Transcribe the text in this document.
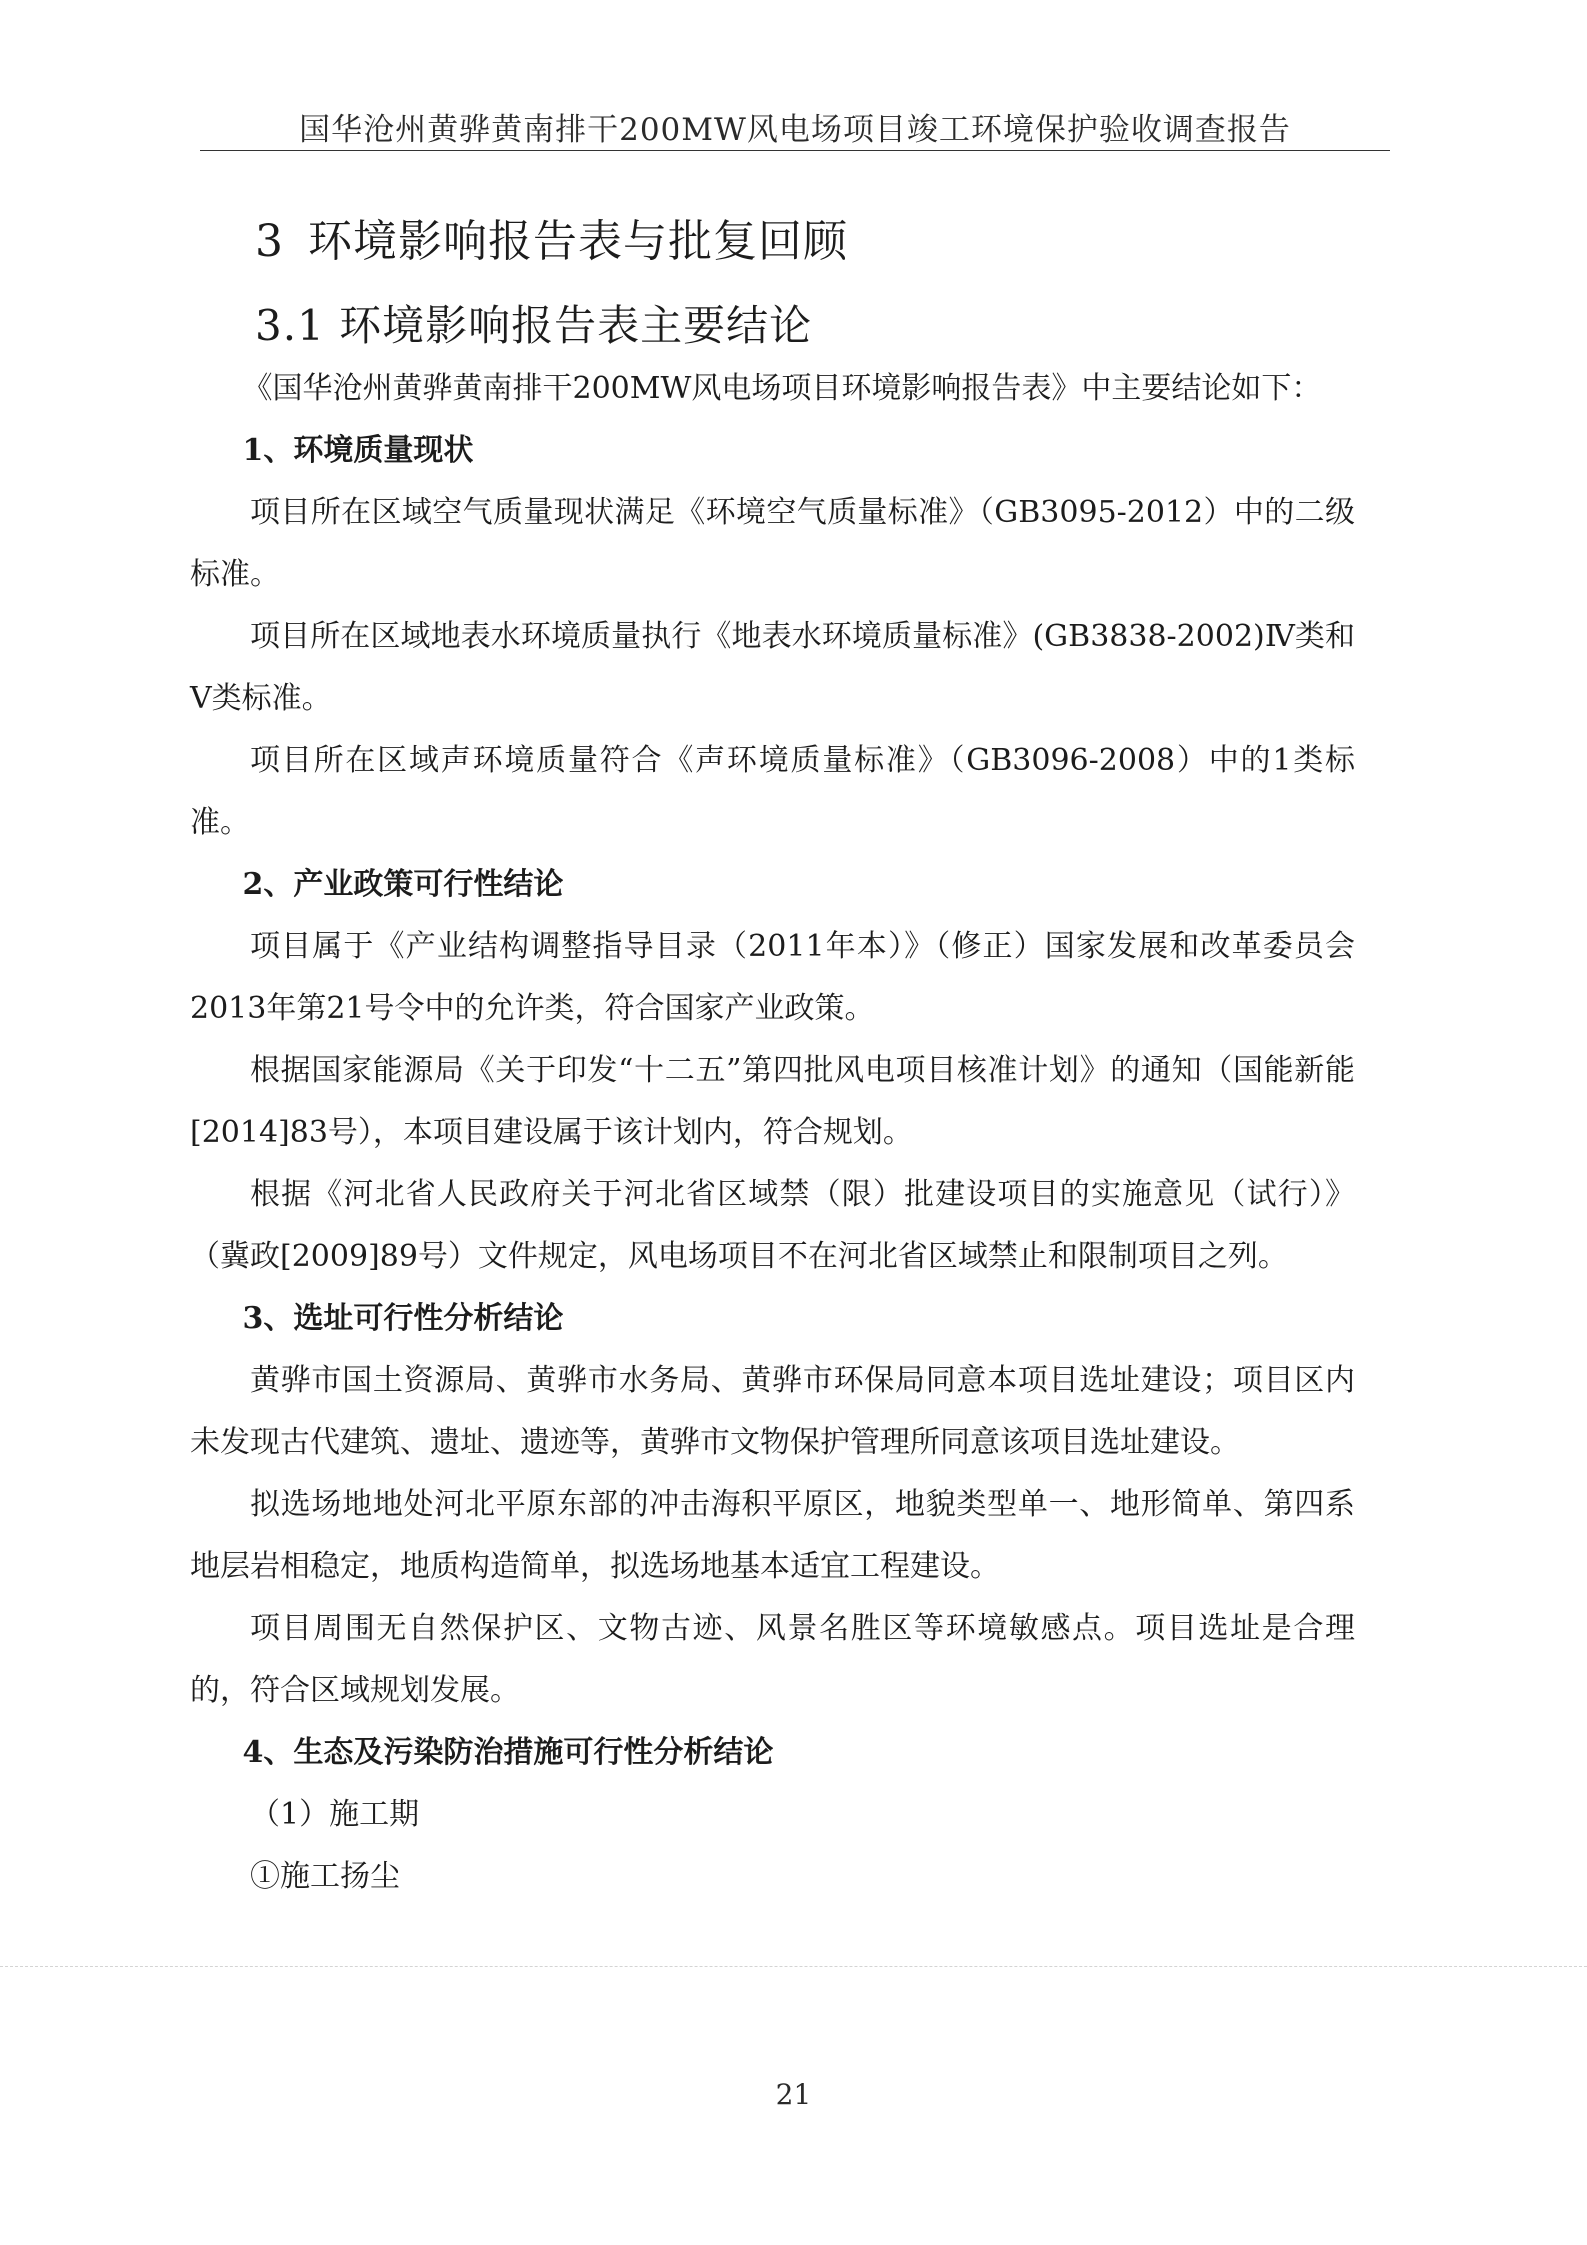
国华沧州黄骅黄南排干200MW风电场项目竣工环境保护验收调查报告
3 环境影响报告表与批复回顾
3.1 环境影响报告表主要结论

《国华沧州黄骅黄南排干200MW风电场项目环境影响报告表》中主要结论如下：

1、环境质量现状

项目所在区域空气质量现状满足《环境空气质量标准》（GB3095-2012）中的二级标准。

项目所在区域地表水环境质量执行《地表水环境质量标准》(GB3838-2002)Ⅳ类和Ⅴ类标准。

项目所在区域声环境质量符合《声环境质量标准》（GB3096-2008）中的1类标准。

2、产业政策可行性结论

项目属于《产业结构调整指导目录（2011年本）》（修正）国家发展和改革委员会2013年第21号令中的允许类，符合国家产业政策。

根据国家能源局《关于印发“十二五”第四批风电项目核准计划》的通知（国能新能[2014]83号），本项目建设属于该计划内，符合规划。

根据《河北省人民政府关于河北省区域禁（限）批建设项目的实施意见（试行）》（冀政[2009]89号）文件规定，风电场项目不在河北省区域禁止和限制项目之列。

3、选址可行性分析结论

黄骅市国土资源局、黄骅市水务局、黄骅市环保局同意本项目选址建设；项目区内未发现古代建筑、遗址、遗迹等，黄骅市文物保护管理所同意该项目选址建设。

拟选场地地处河北平原东部的冲击海积平原区，地貌类型单一、地形简单、第四系地层岩相稳定，地质构造简单，拟选场地基本适宜工程建设。

项目周围无自然保护区、文物古迹、风景名胜区等环境敏感点。项目选址是合理的，符合区域规划发展。

4、生态及污染防治措施可行性分析结论

（1）施工期

①施工扬尘

21
